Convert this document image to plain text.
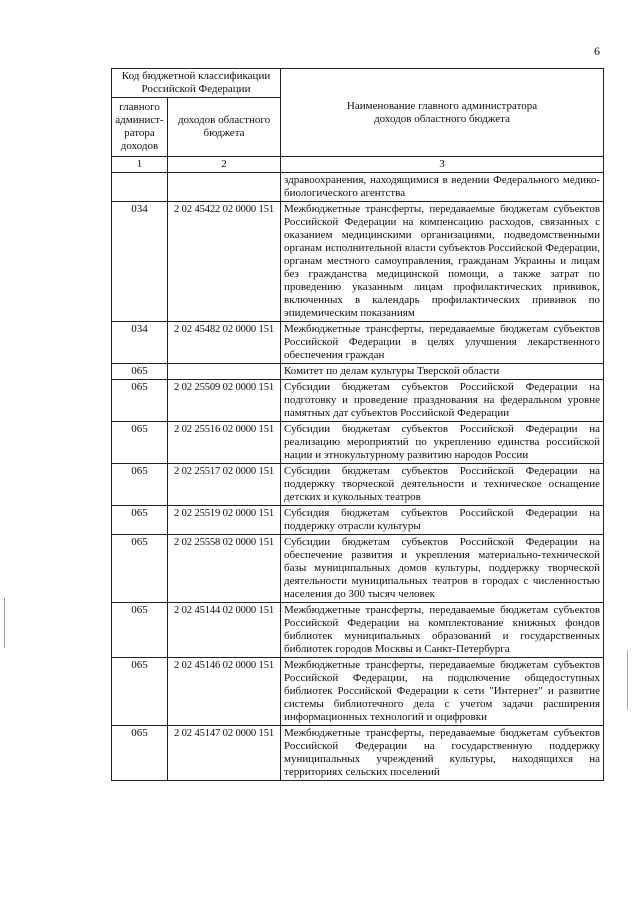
6
Код бюджетной классификации Российской Федерации		Наименование главного администратора доходов областного бюджета
главного админист-ратора доходов	доходов областного бюджета	
1	2	3
		здравоохранения, находящимися в ведении Федерального медико-биологического агентства
034	2 02 45422 02 0000 151	Межбюджетные трансферты, передаваемые бюджетам субъектов Российской Федерации на компенсацию расходов, связанных с оказанием медицинскими организациями, подведомственными органам исполнительной власти субъектов Российской Федерации, органам местного самоуправления, гражданам Украины и лицам без гражданства медицинской помощи, а также затрат по проведению указанным лицам профилактических прививок, включенных в календарь профилактических прививок по эпидемическим показаниям
034	2 02 45482 02 0000 151	Межбюджетные трансферты, передаваемые бюджетам субъектов Российской Федерации в целях улучшения лекарственного обеспечения граждан
065		Комитет по делам культуры Тверской области
065	2 02 25509 02 0000 151	Субсидии бюджетам субъектов Российской Федерации на подготовку и проведение празднования на федеральном уровне памятных дат субъектов Российской Федерации
065	2 02 25516 02 0000 151	Субсидии бюджетам субъектов Российской Федерации на реализацию мероприятий по укреплению единства российской нации и этнокультурному развитию народов России
065	2 02 25517 02 0000 151	Субсидии бюджетам субъектов Российской Федерации на поддержку творческой деятельности и техническое оснащение детских и кукольных театров
065	2 02 25519 02 0000 151	Субсидия бюджетам субъектов Российской Федерации на поддержку отрасли культуры
065	2 02 25558 02 0000 151	Субсидии бюджетам субъектов Российской Федерации на обеспечение развития и укрепления материально-технической базы муниципальных домов культуры, поддержку творческой деятельности муниципальных театров в городах с численностью населения до 300 тысяч человек
065	2 02 45144 02 0000 151	Межбюджетные трансферты, передаваемые бюджетам субъектов Российской Федерации на комплектование книжных фондов библиотек муниципальных образований и государственных библиотек городов Москвы и Санкт-Петербурга
065	2 02 45146 02 0000 151	Межбюджетные трансферты, передаваемые бюджетам субъектов Российской Федерации, на подключение общедоступных библиотек Российской Федерации к сети "Интернет" и развитие системы библиотечного дела с учетом задачи расширения информационных технологий и оцифровки
065	2 02 45147 02 0000 151	Межбюджетные трансферты, передаваемые бюджетам субъектов Российской Федерации на государственную поддержку муниципальных учреждений культуры, находящихся на территориях сельских поселений
